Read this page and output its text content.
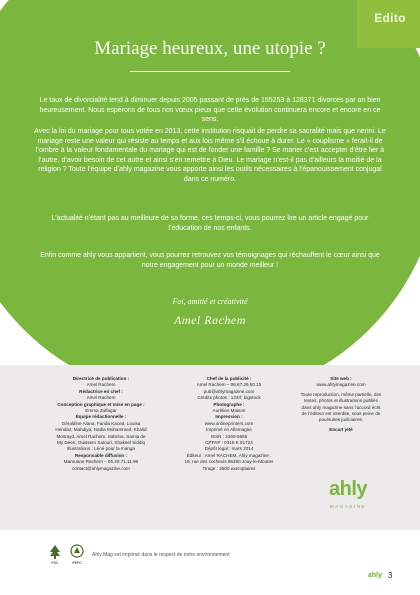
Edito
Mariage heureux, une utopie ?
Le taux de divorcialité tend à diminuer depuis 2005 passant de près de 155253 à 128371 divorces par an bien heureusement. Nous espérons de tous nos vœux pieux que cette évolution continuera encore et encore en ce sens.
Avec la loi du mariage pour tous votée en 2013, cette institution risquait de perdre sa sacralité mais que nenni. Le mariage reste une valeur qui résiste au temps et aux lois même s’il échoue à durer. Le « couplisme » ferait-il de l’ombre à la valeur fondamentale du mariage qui est de fonder une famille ? Se marier c’est accepter d’être lier à l’autre, d’avoir besoin de cet autre et ainsi s’en remettre à Dieu. Le mariage n’est-il pas d’ailleurs la moitié de la religion ? Toute l’équipe d’ahly magazine vous apporte ainsi les outils nécessaires à l’épanouissement conjugal dans ce numéro.
L’actualité n’étant pas au meilleure de sa forme, ces temps-ci, vous pourrez lire un article engagé pour l’éducation de nos enfants.
Enfin comme ahly vous appartient, vous pourrez retrouvez vos témoignages qui réchauffent le cœur ainsi que notre engagement pour un monde meilleur !
Foi, amitié et créativité
Amel Rachem
Directrice de publication :
Amel Rachem
Rédactrice en chef :
Amel Rachem
Conception graphique et mise en page :
Emma Zulfagar
Équipe rédactionnelle :
Géraldine Alana, Farida Kaced, Louisa
Hendaz, Mahdiya, Nadia Mohammed, Khalid
Mosrayd, Amel Rachem, Sabrina, Samia de
My Deen, Ouissem Satouri, Shakeel Siddiq
Illustrations : Léné pour la manga
Responsable diffusion :
Marouane Rachem – 06.20.71.11.96
contact@ahlymagazine.com
Chef de la publicité :
Amel Rachem – 06.67.29.50.15
pub@ahlymagazine.com
Crédits photos : 123rf, bigstock
Photographe :
Aurélien Maison
Impression :
www.onlineprinters.com
Imprimé en Allemagne
ISSN : 2269-5655
CPPAP : 0315 K 91724
Dépôt légal : mars 2014
Éditeur : Amel RACHEM, Ahly magazine :
19, rue des cochevis 95280 Jouy-le-Moutier
Tirage : 2500 exemplaires
Site web :
www.ahlymagazine.com
Toute reproduction, même partielle, des
textes, photos et illustrations publiés
dans ahly magazine sans l’accord écrit
de l’éditeur est interdite, sous peine de
poursuites judiciaires.
Encart jeté
ahly
MAGAZINE
FSC	PEFC
Ahly Mag est imprimé dans le respect de notre environnement
ahly 3
